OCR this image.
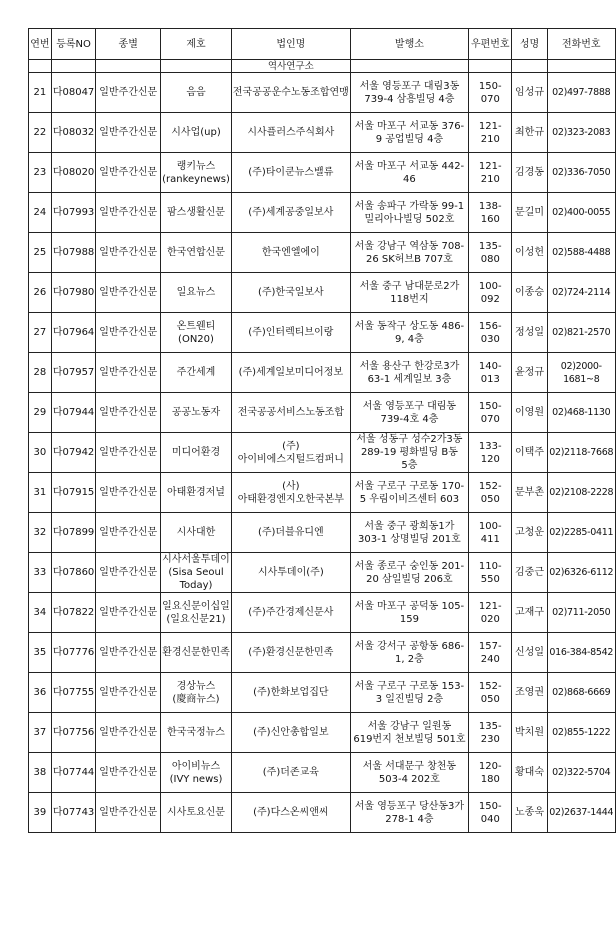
연번	등록NO	종별	제호	법인명	발행소	우편번호	성명	전화번호
				역사연구소				
21	다08047	일반주간신문	음음	전국공공운수노동조합연맹	서울 영등포구 대림3동 739-4 삼흥빌딩 4층	150-070	임성규	02)497-7888
22	다08032	일반주간신문	시사업(up)	시사플러스주식회사	서울 마포구 서교동 376-9 공업빌딩 4층	121-210	최한규	02)323-2083
23	다08020	일반주간신문	랭키뉴스(rankeynews)	(주)타이쿤뉴스밸류	서울 마포구 서교동 442-46	121-210	김경동	02)336-7050
24	다07993	일반주간신문	팜스생활신문	(주)세계공중일보사	서울 송파구 가락동 99-1 밀리아나빌딩 502호	138-160	문길미	02)400-0055
25	다07988	일반주간신문	한국연합신문	한국엔엘에이	서울 강남구 역삼동 708-26 SK허브B 707호	135-080	이성헌	02)588-4488
26	다07980	일반주간신문	일요뉴스	(주)한국일보사	서울 중구 남대문로2가 118번지	100-092	이종승	02)724-2114
27	다07964	일반주간신문	온트웬티(ON20)	(주)인터렉티브이랑	서울 동작구 상도동 486-9, 4층	156-030	정성일	02)821-2570
28	다07957	일반주간신문	주간세계	(주)세계일보미디어정보	서울 용산구 한강로3가 63-1 세계일보 3층	140-013	윤정규	02)2000-1681~8
29	다07944	일반주간신문	공공노동자	전국공공서비스노동조합	서울 영등포구 대림동 739-4호 4층	150-070	이영원	02)468-1130
30	다07942	일반주간신문	미디어환경	(주)아이비에스지털드컴퍼니	서울 성동구 성수2가3동 289-19 평화빌딩 B동 5층	133-120	이택주	02)2118-7668
31	다07915	일반주간신문	아태환경저널	(사)아태환경엔지오한국본부	서울 구로구 구로동 170-5 우림이비즈센터 603	152-050	문부촌	02)2108-2228
32	다07899	일반주간신문	시사대한	(주)더블유디엔	서울 중구 광희동1가 303-1 상명빌딩 201호	100-411	고청운	02)2285-0411
33	다07860	일반주간신문	시사서울투데이(Sisa Seoul Today)	시사투데이(주)	서울 종로구 숭인동 201-20 삼일빌딩 206호	110-550	김중근	02)6326-6112
34	다07822	일반주간신문	일요신문이십일(일요신문21)	(주)주간경제신문사	서울 마포구 공덕동 105-159	121-020	고재구	02)711-2050
35	다07776	일반주간신문	환경신문한민족	(주)환경신문한민족	서울 강서구 공항동 686-1, 2층	157-240	신성일	016-384-8542
36	다07755	일반주간신문	경상뉴스(慶商뉴스)	(주)한화보업집단	서울 구로구 구로동 153-3 일진빌딩 2층	152-050	조영권	02)868-6669
37	다07756	일반주간신문	한국국정뉴스	(주)신안총합일보	서울 강남구 일원동 619번지 천보빌딩 501호	135-230	박치원	02)855-1222
38	다07744	일반주간신문	아이비뉴스(IVY news)	(주)더존교육	서울 서대문구 창천동 503-4 202호	120-180	황대숙	02)322-5704
39	다07743	일반주간신문	시사토요신문	(주)다스온씨앤씨	서울 영등포구 당산동3가 278-1 4층	150-040	노종욱	02)2637-1444
